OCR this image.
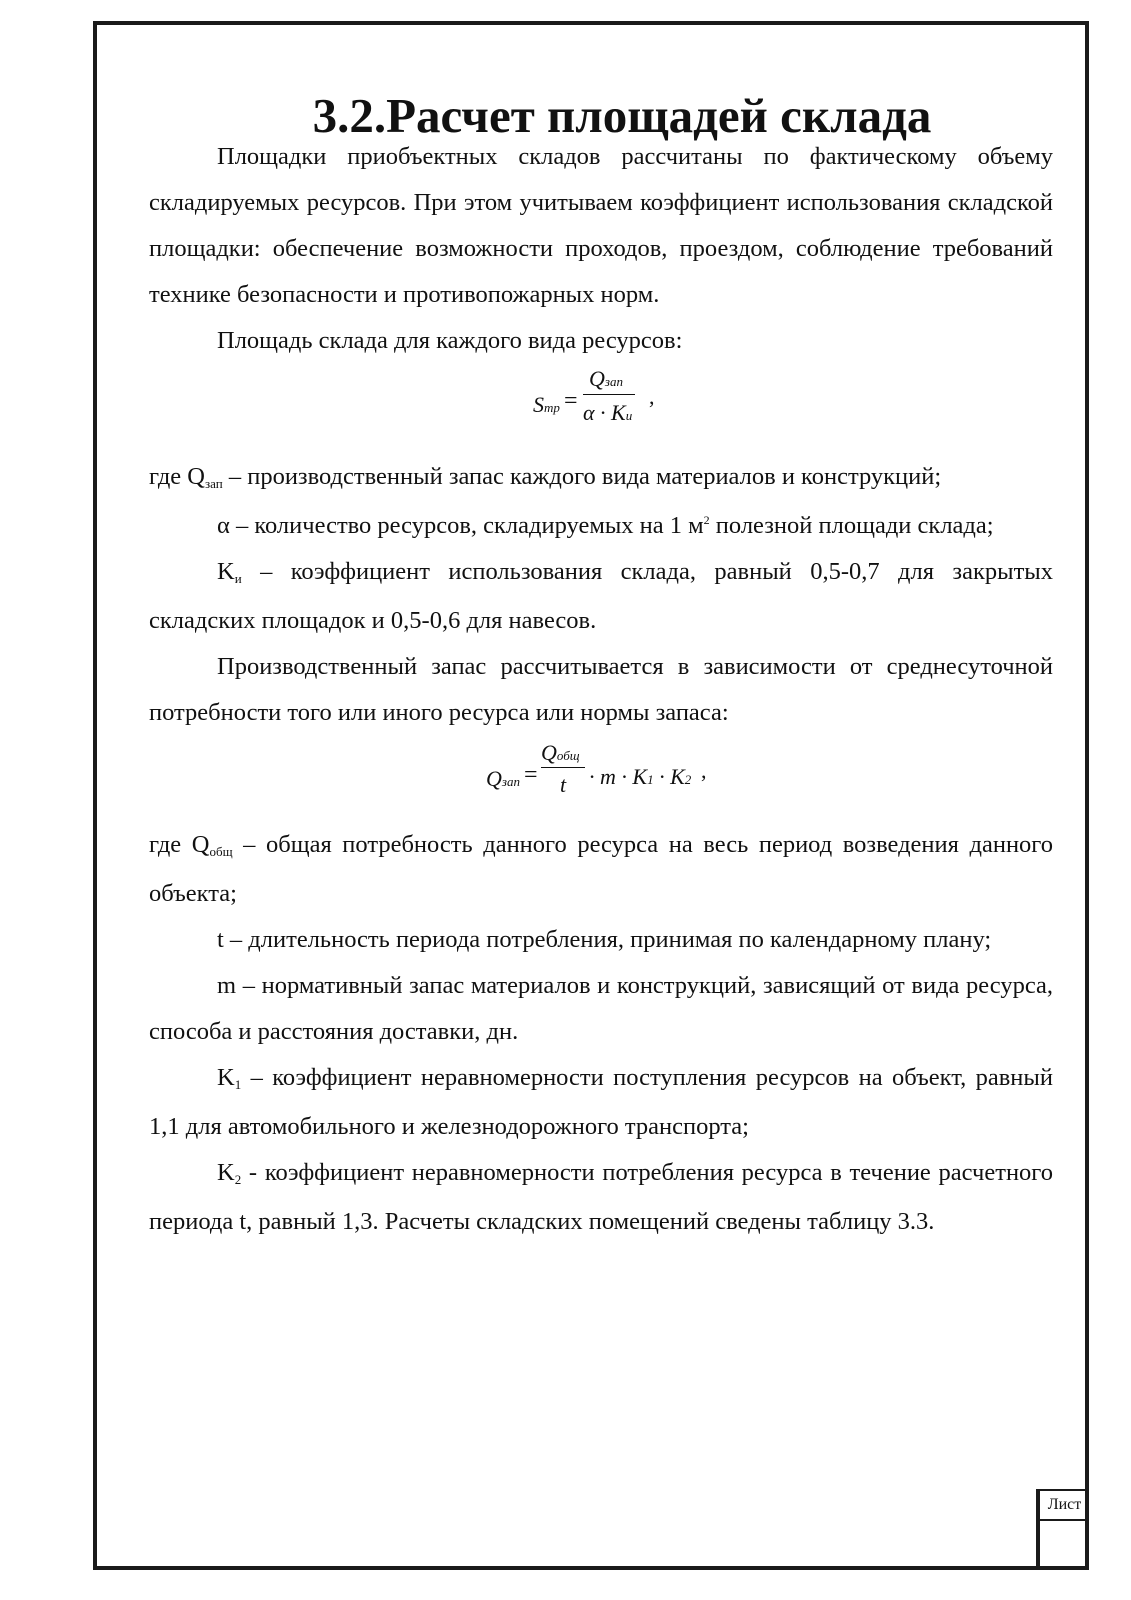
3.2.Расчет площадей склада

Площадки приобъектных складов рассчитаны по фактическому объему складируемых ресурсов. При этом учитываем коэффициент использования складской площадки: обеспечение возможности проходов, проездом, соблюдение требований технике безопасности и противопожарных норм.

Площадь склада для каждого вида ресурсов:

Sтр =
Qзап
α · Kи
,

где Qзап – производственный запас каждого вида материалов и конструкций;

α – количество ресурсов, складируемых на 1 $м^2$ полезной площади склада;

Kи – коэффициент использования склада, равный 0,5-0,7 для закрытых складских площадок и 0,5-0,6 для навесов.

Производственный запас рассчитывается в зависимости от среднесуточной потребности того или иного ресурса или нормы запаса:

Qзап =
Qобщ
t · m · K1 · K2 ,

где Qобщ – общая потребность данного ресурса на весь период возведения данного объекта;

t – длительность периода потребления, принимая по календарному плану;

m – нормативный запас материалов и конструкций, зависящий от вида ресурса, способа и расстояния доставки, дн.

K1 – коэффициент неравномерности поступления ресурсов на объект, равный 1,1 для автомобильного и железнодорожного транспорта;

K2 - коэффициент неравномерности потребления ресурса в течение расчетного периода t, равный 1,3. Расчеты складских помещений сведены таблицу 3.3.

Лист
